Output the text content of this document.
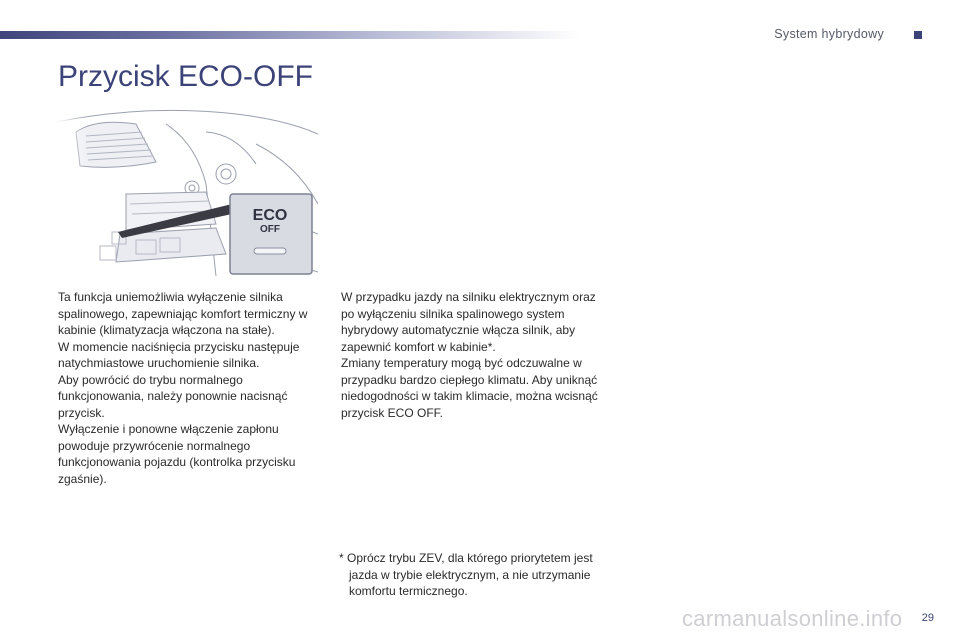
System hybrydowy
Przycisk ECO-OFF
ECO
OFF

Ta funkcja uniemożliwia wyłączenie silnika spalinowego, zapewniając komfort termiczny w kabinie (klimatyzacja włączona na stałe).

W momencie naciśnięcia przycisku następuje natychmiastowe uruchomienie silnika.

Aby powrócić do trybu normalnego funkcjonowania, należy ponownie nacisnąć przycisk.

Wyłączenie i ponowne włączenie zapłonu powoduje przywrócenie normalnego funkcjonowania pojazdu (kontrolka przycisku zgaśnie).

W przypadku jazdy na silniku elektrycznym oraz po wyłączeniu silnika spalinowego system hybrydowy automatycznie włącza silnik, aby zapewnić komfort w kabinie*.

Zmiany temperatury mogą być odczuwalne w przypadku bardzo ciepłego klimatu. Aby uniknąć niedogodności w takim klimacie, można wcisnąć przycisk ECO OFF.

* Oprócz trybu ZEV, dla którego priorytetem jest jazda w trybie elektrycznym, a nie utrzymanie komfortu termicznego.
carmanualsonline.info 29
